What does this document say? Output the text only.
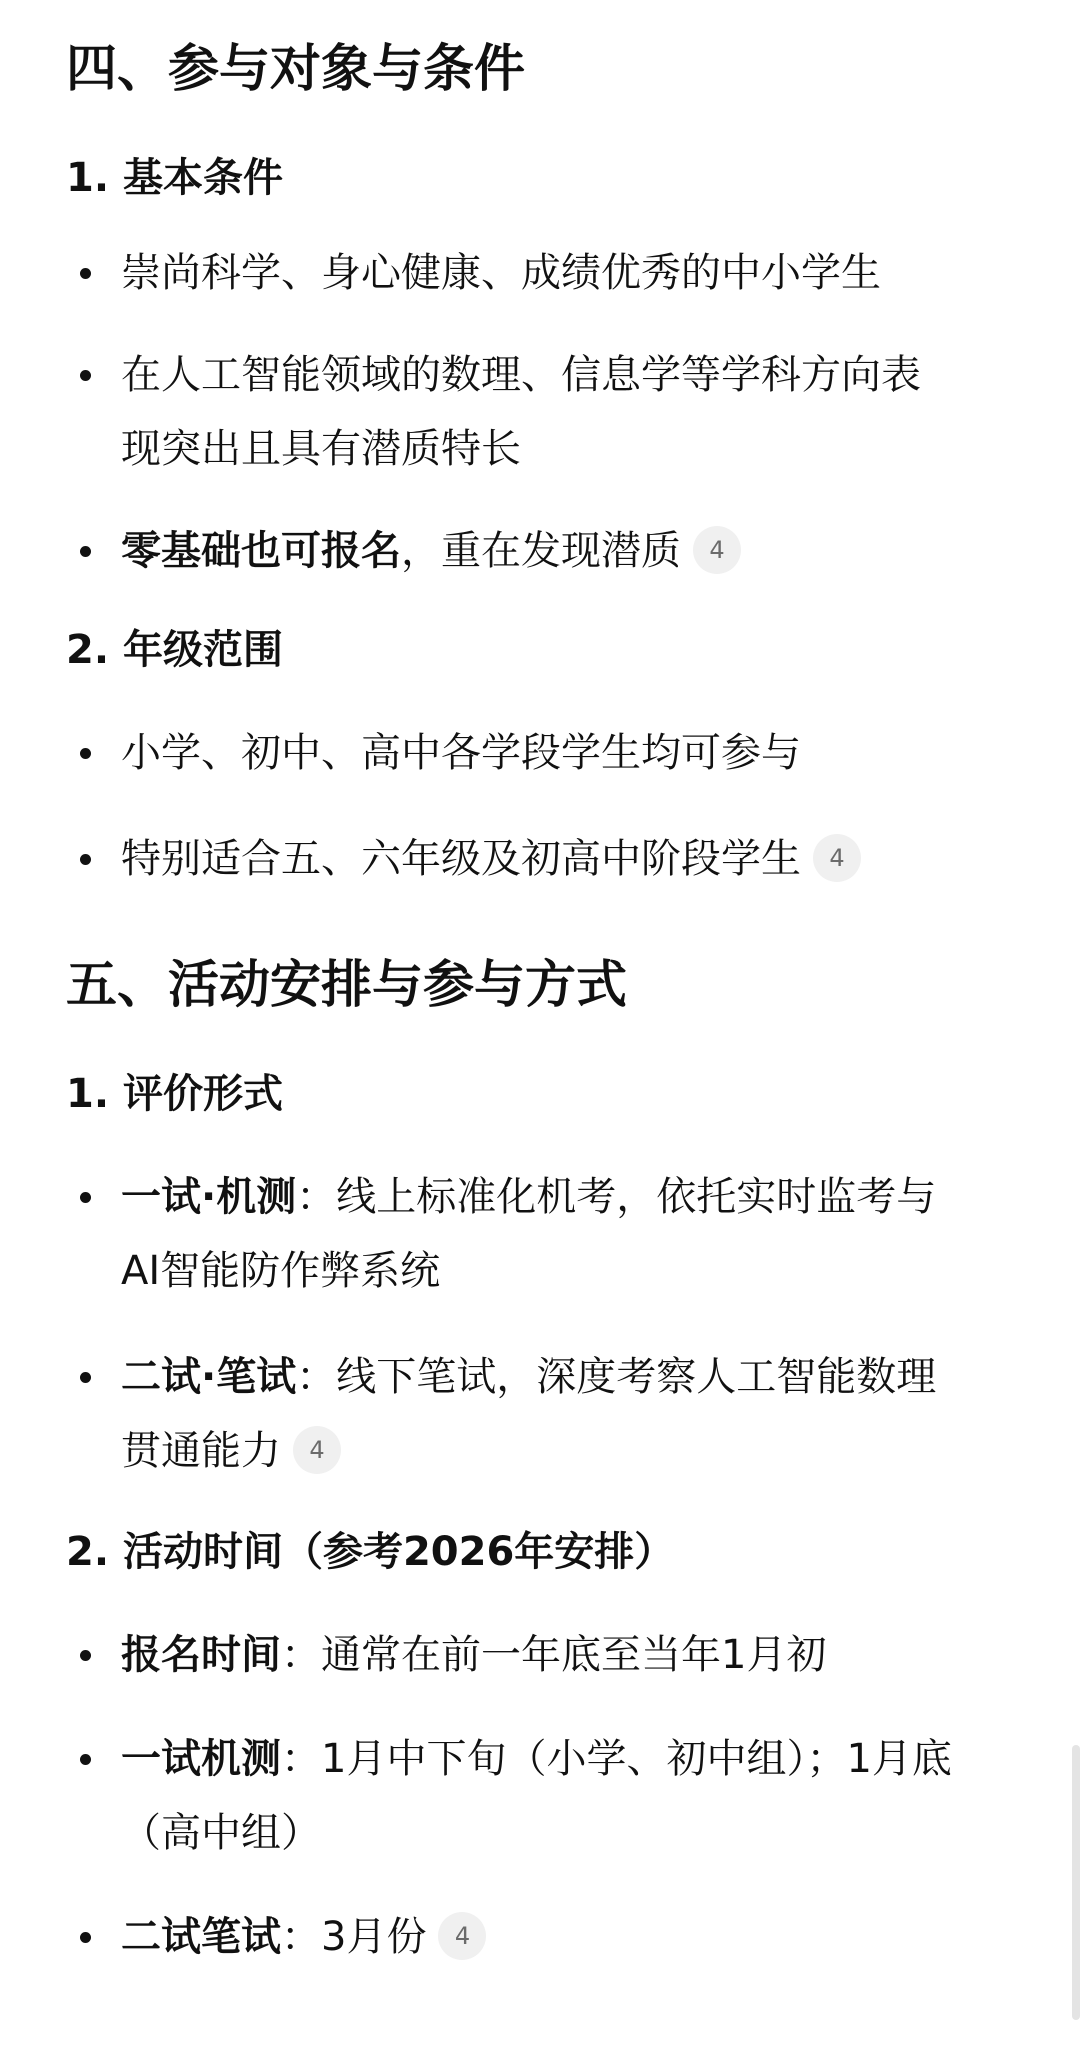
四、参与对象与条件
1. 基本条件
崇尚科学、身心健康、成绩优秀的中小学生
在人工智能领域的数理、信息学等学科方向表
现突出且具有潜质特长
零基础也可报名，重在发现潜质 4
2. 年级范围
小学、初中、高中各学段学生均可参与
特别适合五、六年级及初高中阶段学生 4
五、活动安排与参与方式
1. 评价形式
一试·机测：线上标准化机考，依托实时监考与
AI智能防作弊系统
二试·笔试：线下笔试，深度考察人工智能数理
贯通能力 4
2. 活动时间（参考2026年安排）
报名时间：通常在前一年底至当年1月初
一试机测：1月中下旬（小学、初中组）；1月底
（高中组）
二试笔试：3月份 4
